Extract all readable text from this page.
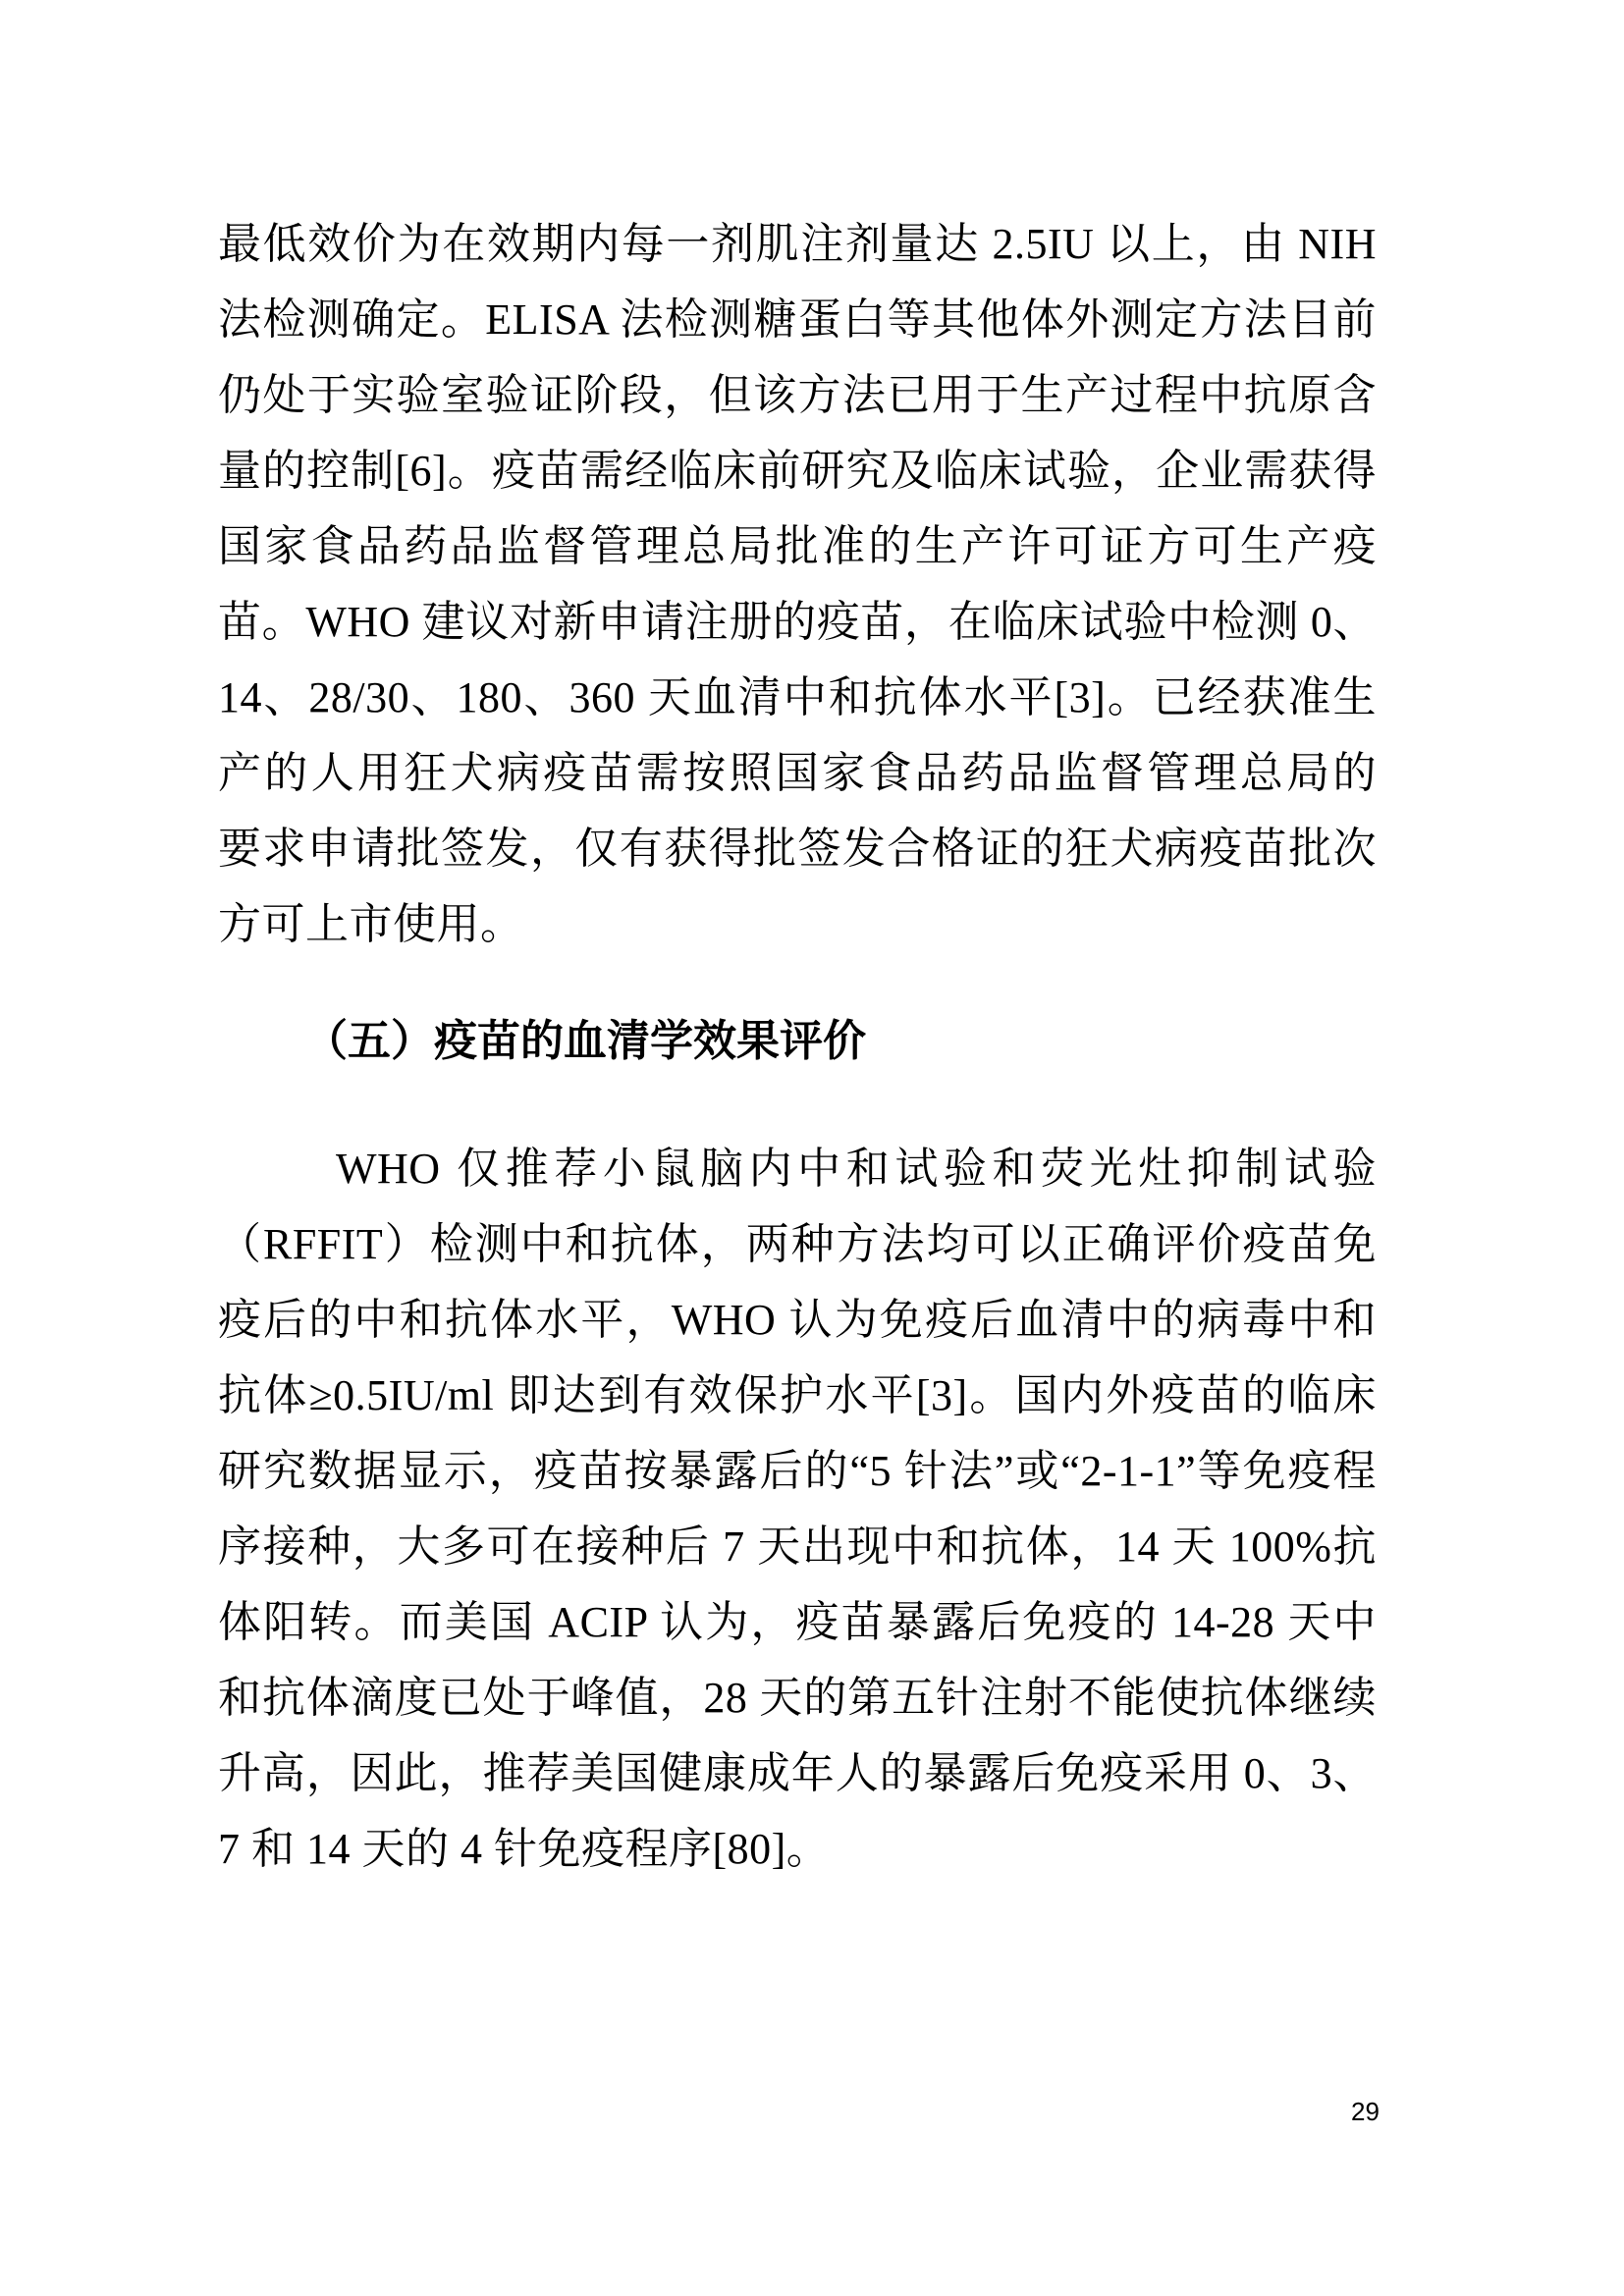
最低效价为在效期内每一剂肌注剂量达 2.5IU 以上，由 NIH
法检测确定。ELISA 法检测糖蛋白等其他体外测定方法目前
仍处于实验室验证阶段，但该方法已用于生产过程中抗原含
量的控制[6]。疫苗需经临床前研究及临床试验，企业需获得
国家食品药品监督管理总局批准的生产许可证方可生产疫
苗。WHO 建议对新申请注册的疫苗，在临床试验中检测 0、
14、28/30、180、360 天血清中和抗体水平[3]。已经获准生
产的人用狂犬病疫苗需按照国家食品药品监督管理总局的
要求申请批签发，仅有获得批签发合格证的狂犬病疫苗批次
方可上市使用。
（五）疫苗的血清学效果评价
WHO 仅推荐小鼠脑内中和试验和荧光灶抑制试验
（RFFIT）检测中和抗体，两种方法均可以正确评价疫苗免
疫后的中和抗体水平，WHO 认为免疫后血清中的病毒中和
抗体≥0.5IU/ml 即达到有效保护水平[3]。国内外疫苗的临床
研究数据显示，疫苗按暴露后的“5 针法”或“2-1-1”等免疫程
序接种，大多可在接种后 7 天出现中和抗体，14 天 100%抗
体阳转。而美国 ACIP 认为，疫苗暴露后免疫的 14-28 天中
和抗体滴度已处于峰值，28 天的第五针注射不能使抗体继续
升高，因此，推荐美国健康成年人的暴露后免疫采用 0、3、
7 和 14 天的 4 针免疫程序[80]。
29
